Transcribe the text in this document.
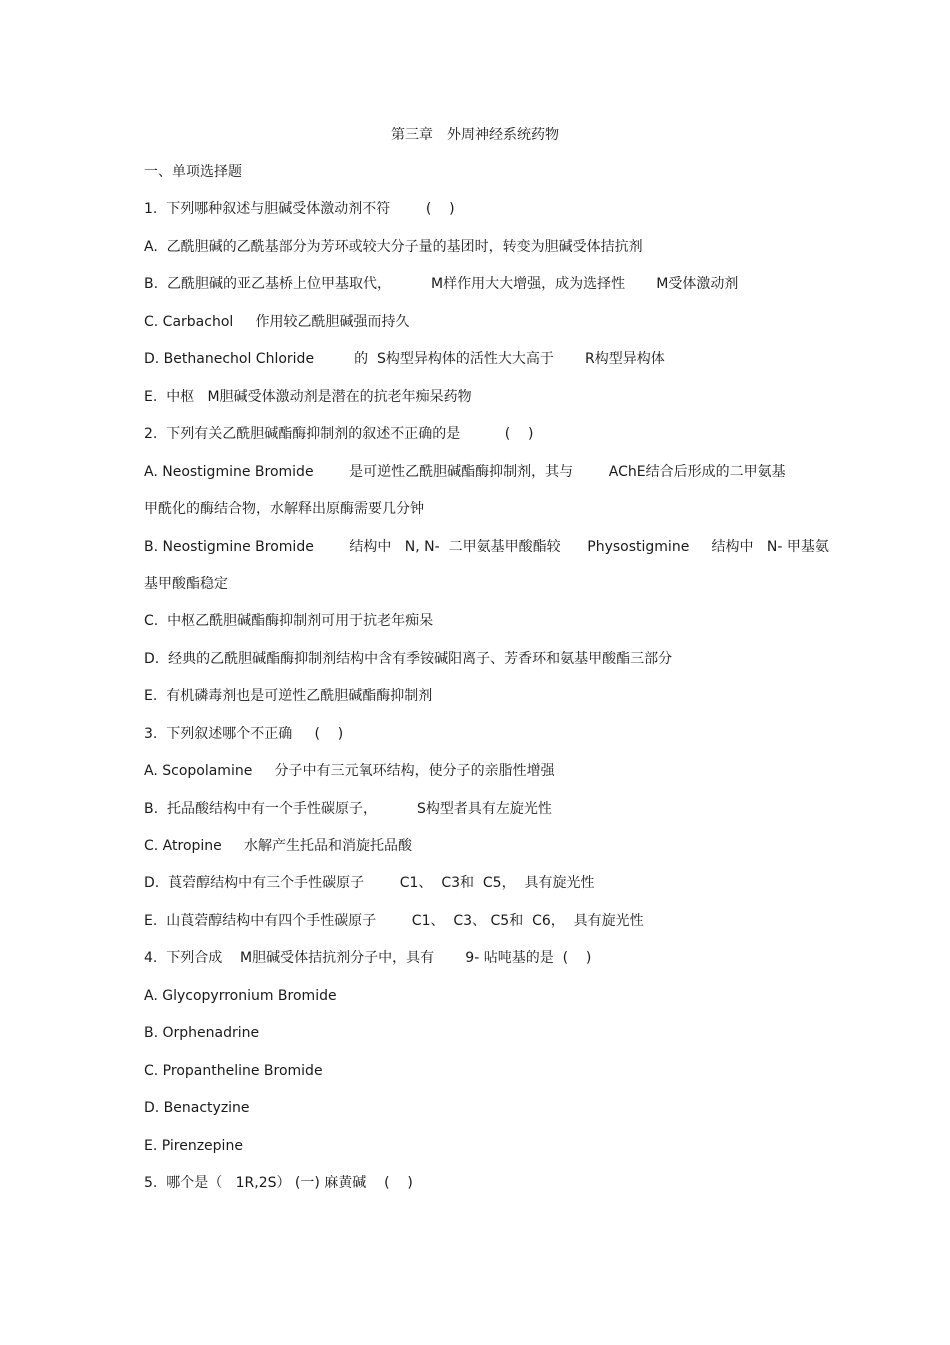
第三章　外周神经系统药物
一、单项选择题
1.  下列哪种叙述与胆碱受体激动剂不符        (    )
A.  乙酰胆碱的乙酰基部分为芳环或较大分子量的基团时，转变为胆碱受体拮抗剂
B.  乙酰胆碱的亚乙基桥上位甲基取代，         M样作用大大增强，成为选择性       M受体激动剂
C. Carbachol     作用较乙酰胆碱强而持久
D. Bethanechol Chloride         的  S构型异构体的活性大大高于       R构型异构体
E.  中枢   M胆碱受体激动剂是潜在的抗老年痴呆药物
2.  下列有关乙酰胆碱酯酶抑制剂的叙述不正确的是          (    )
A. Neostigmine Bromide        是可逆性乙酰胆碱酯酶抑制剂，其与        AChE结合后形成的二甲氨基
甲酰化的酶结合物，水解释出原酶需要几分钟
B. Neostigmine Bromide        结构中   N, N-  二甲氨基甲酸酯较      Physostigmine     结构中   N- 甲基氨
基甲酸酯稳定
C.  中枢乙酰胆碱酯酶抑制剂可用于抗老年痴呆
D.  经典的乙酰胆碱酯酶抑制剂结构中含有季铵碱阳离子、芳香环和氨基甲酸酯三部分
E.  有机磷毒剂也是可逆性乙酰胆碱酯酶抑制剂
3.  下列叙述哪个不正确     (    )
A. Scopolamine     分子中有三元氧环结构，使分子的亲脂性增强
B.  托品酸结构中有一个手性碳原子，         S构型者具有左旋光性
C. Atropine     水解产生托品和消旋托品酸
D.  莨菪醇结构中有三个手性碳原子        C1、  C3和  C5，  具有旋光性
E.  山莨菪醇结构中有四个手性碳原子        C1、  C3、 C5和  C6，  具有旋光性
4.  下列合成    M胆碱受体拮抗剂分子中，具有       9- 呫吨基的是  (    )
A. Glycopyrronium Bromide
B. Orphenadrine
C. Propantheline Bromide
D. Benactyzine
E. Pirenzepine
5.  哪个是（   1R,2S） (一) 麻黄碱    (    )
